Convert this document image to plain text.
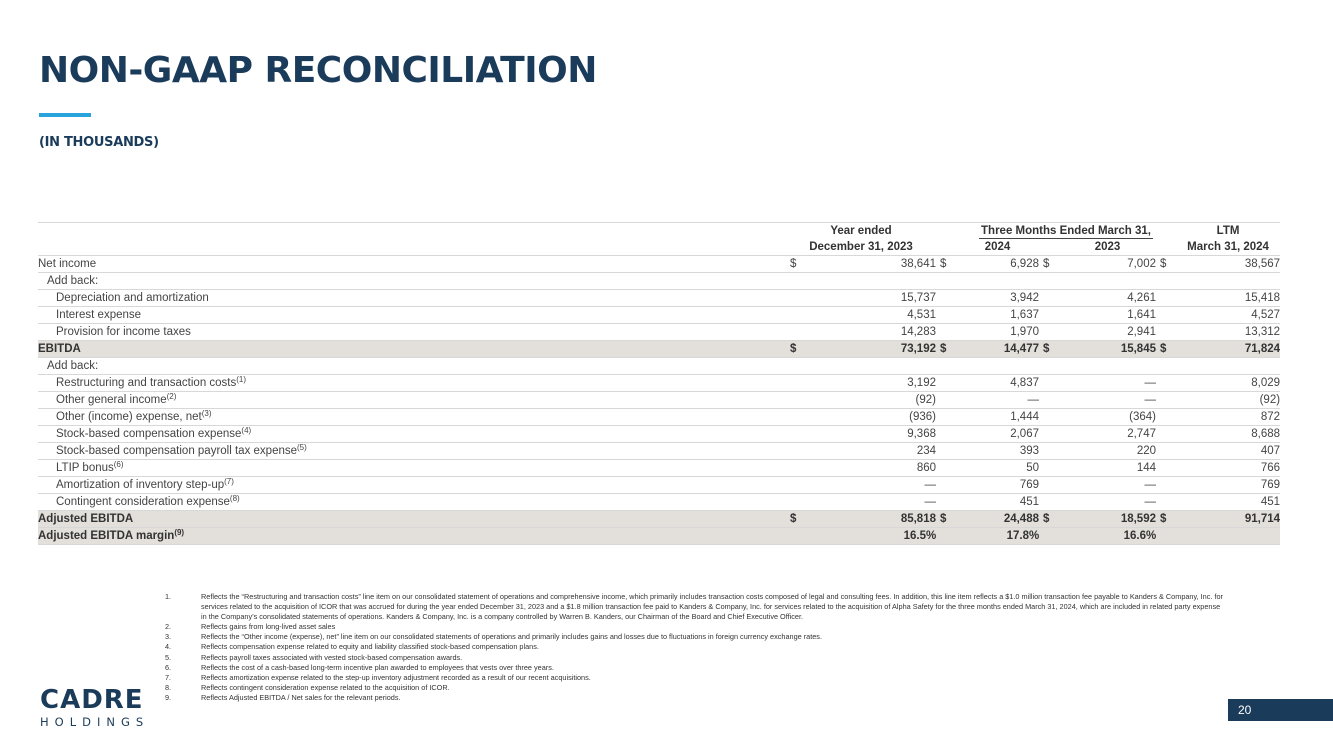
NON-GAAP RECONCILIATION
(IN THOUSANDS)
	Year ended			Three Months Ended March 31,				LTM
	December 31, 2023			2024		2023		March 31, 2024
Net income	$	38,641	$	6,928	$	7,002	$	38,567
Add back:								
Depreciation and amortization		15,737		3,942		4,261		15,418
Interest expense		4,531		1,637		1,641		4,527
Provision for income taxes		14,283		1,970		2,941		13,312
EBITDA	$	73,192	$	14,477	$	15,845	$	71,824
Add back:								
Restructuring and transaction costs$^{(1)}$		3,192		4,837		—		8,029
Other general income$^{(2)}$		(92)		—		—		(92)
Other (income) expense, net$^{(3)}$		(936)		1,444		(364)		872
Stock-based compensation expense$^{(4)}$		9,368		2,067		2,747		8,688
Stock-based compensation payroll tax expense$^{(5)}$		234		393		220		407
LTIP bonus$^{(6)}$		860		50		144		766
Amortization of inventory step-$up^{(7)}$		—		769		—		769
Contingent consideration expense$^{(8)}$		—		451		—		451
Adjusted EBITDA	$	85,818	$	24,488	$	18,592	$	91,714
Adjusted EBITDA margin$^{(9)}$		16.5%		17.8%		16.6%		
1.	Reflects the “Restructuring and transaction costs” line item on our consolidated statement of operations and comprehensive income, which primarily includes transaction costs composed of legal and consulting fees. In addition, this line item reflects a $1.0 million transaction fee payable to Kanders & Company, Inc. for services related to the acquisition of ICOR that was accrued for during the year ended December 31, 2023 and a $1.8 million transaction fee paid to Kanders & Company, Inc. for services related to the acquisition of Alpha Safety for the three months ended March 31, 2024, which are included in related party expense in the Company’s consolidated statements of operations. Kanders & Company, Inc. is a company controlled by Warren B. Kanders, our Chairman of the Board and Chief Executive Officer.
2.	Reflects gains from long-lived asset sales
3.	Reflects the “Other income (expense), net” line item on our consolidated statements of operations and primarily includes gains and losses due to fluctuations in foreign currency exchange rates.
4.	Reflects compensation expense related to equity and liability classified stock-based compensation plans.
5.	Reflects payroll taxes associated with vested stock-based compensation awards.
6.	Reflects the cost of a cash-based long-term incentive plan awarded to employees that vests over three years.
7.	Reflects amortization expense related to the step-up inventory adjustment recorded as a result of our recent acquisitions.
8.	Reflects contingent consideration expense related to the acquisition of ICOR.
9.	Reflects Adjusted EBITDA / Net sales for the relevant periods.
CADRE
HOLDINGS
20
